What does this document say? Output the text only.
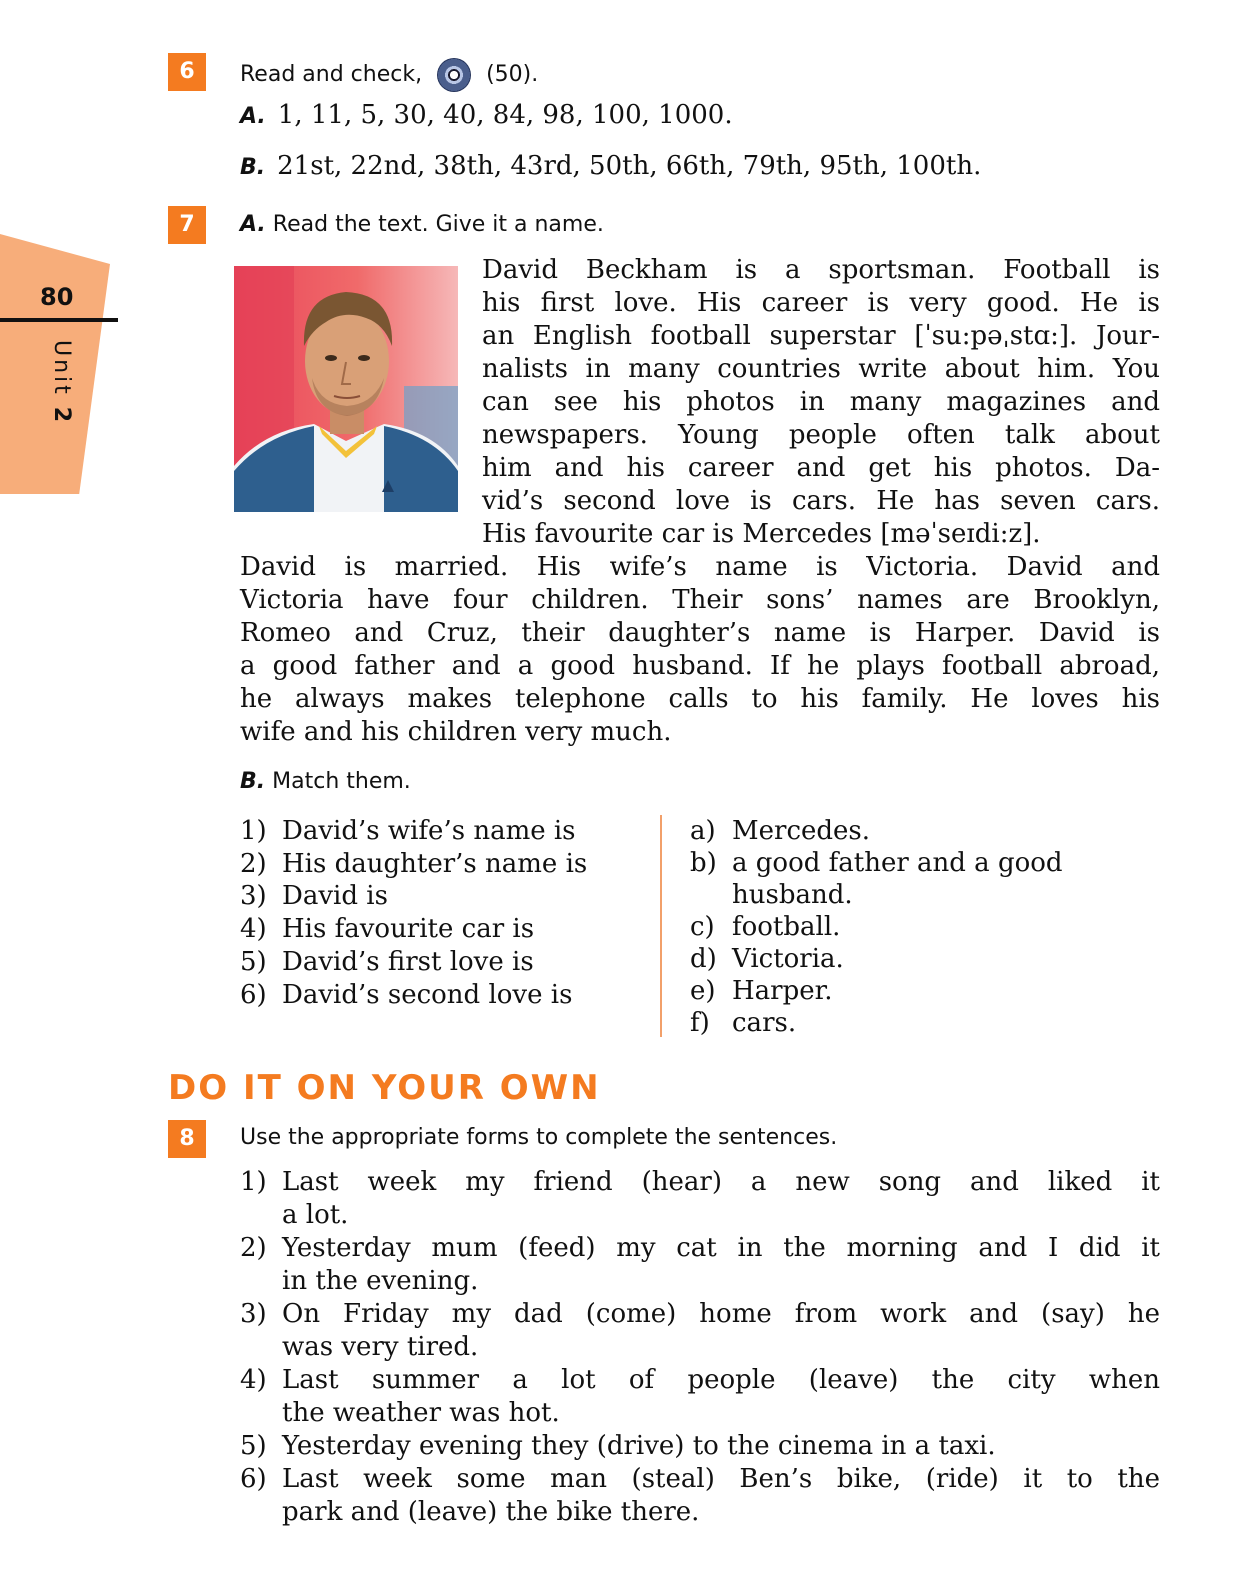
80
Unit 2
6	Read and check,	(50).
A. 1, 11, 5, 30, 40, 84, 98, 100, 1000.
B. 21st, 22nd, 38th, 43rd, 50th, 66th, 79th, 95th, 100th.
7	A. Read the text. Give it a name.
David Beckham is a sportsman. Football is
his first love. His career is very good. He is
an English football superstar [ˈsu:pəˌstɑ:]. Jour-
nalists in many countries write about him. You
can see his photos in many magazines and
newspapers. Young people often talk about
him and his career and get his photos. Da-
vid’s second love is cars. He has seven cars.
His favourite car is Mercedes [məˈseɪdi:z].
David is married. His wife’s name is Victoria. David and
Victoria have four children. Their sons’ names are Brooklyn,
Romeo and Cruz, their daughter’s name is Harper. David is
a good father and a good husband. If he plays football abroad,
he always makes telephone calls to his family. He loves his
wife and his children very much.
B. Match them.
1) David’s wife’s name is
2) His daughter’s name is
3) David is
4) His favourite car is
5) David’s first love is
6) David’s second love is
a) Mercedes.
b) a good father and a good
husband.
c) football.
d) Victoria.
e) Harper.
f) cars.
DO IT ON YOUR OWN
8	Use the appropriate forms to complete the sentences.
1) Last week my friend (hear) a new song and liked it
a lot.
2) Yesterday mum (feed) my cat in the morning and I did it
in the evening.
3) On Friday my dad (come) home from work and (say) he
was very tired.
4) Last summer a lot of people (leave) the city when
the weather was hot.
5) Yesterday evening they (drive) to the cinema in a taxi.
6) Last week some man (steal) Ben’s bike, (ride) it to the
park and (leave) the bike there.
